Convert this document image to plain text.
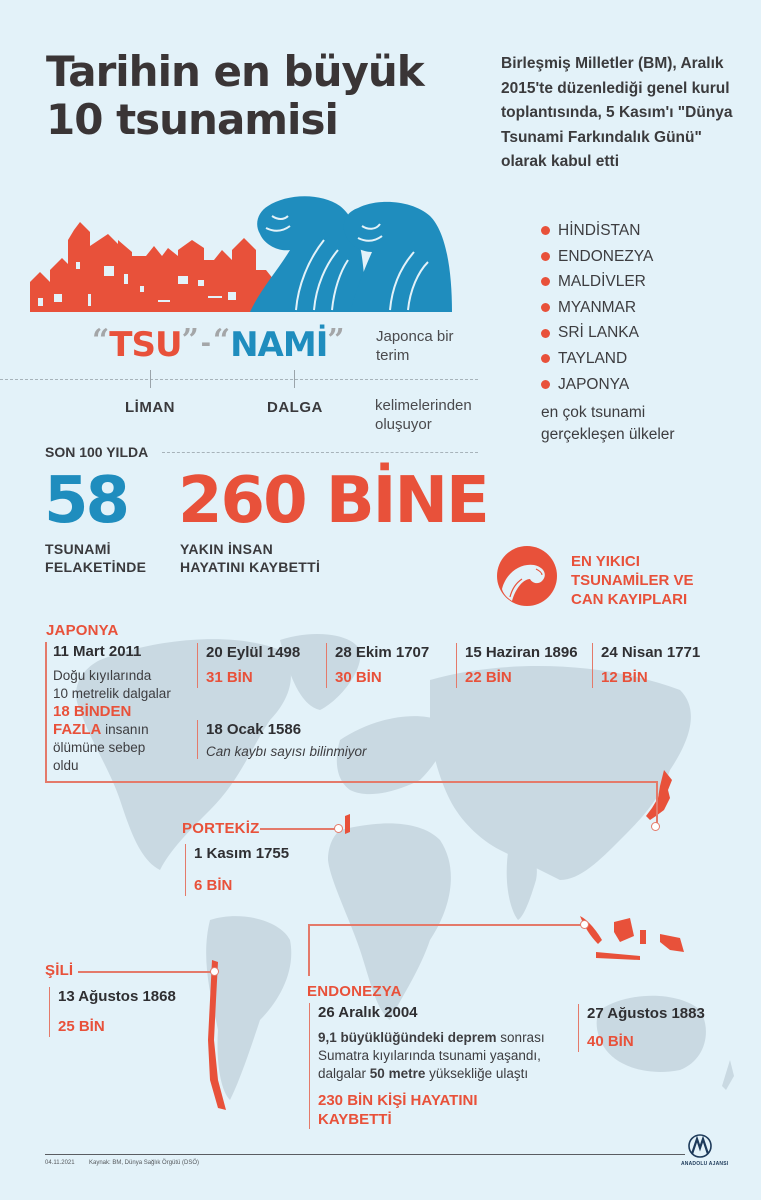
Tarihin en büyük
10 tsunamisi

Birleşmiş Milletler (BM), Aralık 2015'te düzenlediği genel kurul toplantısında, 5 Kasım'ı "Dünya Tsunami Farkındalık Günü" olarak kabul etti

HİNDİSTAN
ENDONEZYA
MALDİVLER
MYANMAR
SRİ LANKA
TAYLAND
JAPONYA

en çok tsunami gerçekleşen ülkeler

“ TSU ” - “ NAMİ ” Japonca bir terim

LİMAN	DALGA	kelimelerinden oluşuyor

SON 100 YILDA
58 260 BİNE
TSUNAMİ
FELAKETİNDE
YAKIN İNSAN
HAYATINI KAYBETTİ	EN YIKICI
TSUNAMİLER VE
CAN KAYIPLARI
JAPONYA
11 Mart 2011
Doğu kıyılarında
10 metrelik dalgalar
18 BİNDEN
FAZLA insanın
ölümüne sebep
oldu
20 Eylül 1498
31 BİN
28 Ekim 1707
30 BİN
15 Haziran 1896
22 BİN
24 Nisan 1771
12 BİN
18 Ocak 1586
Can kaybı sayısı bilinmiyor
PORTEKİZ
1 Kasım 1755
6 BİN
ŞİLİ
13 Ağustos 1868
25 BİN
ENDONEZYA
26 Aralık 2004
9,1 büyüklüğündeki deprem sonrası
Sumatra kıyılarında tsunami yaşandı,
dalgalar 50 metre yüksekliğe ulaştı
230 BİN KİŞİ HAYATINI
KAYBETTİ
27 Ağustos 1883
40 BİN
04.11.2021 Kaynak: BM, Dünya Sağlık Örgütü (DSÖ)	ANADOLU AJANSI
